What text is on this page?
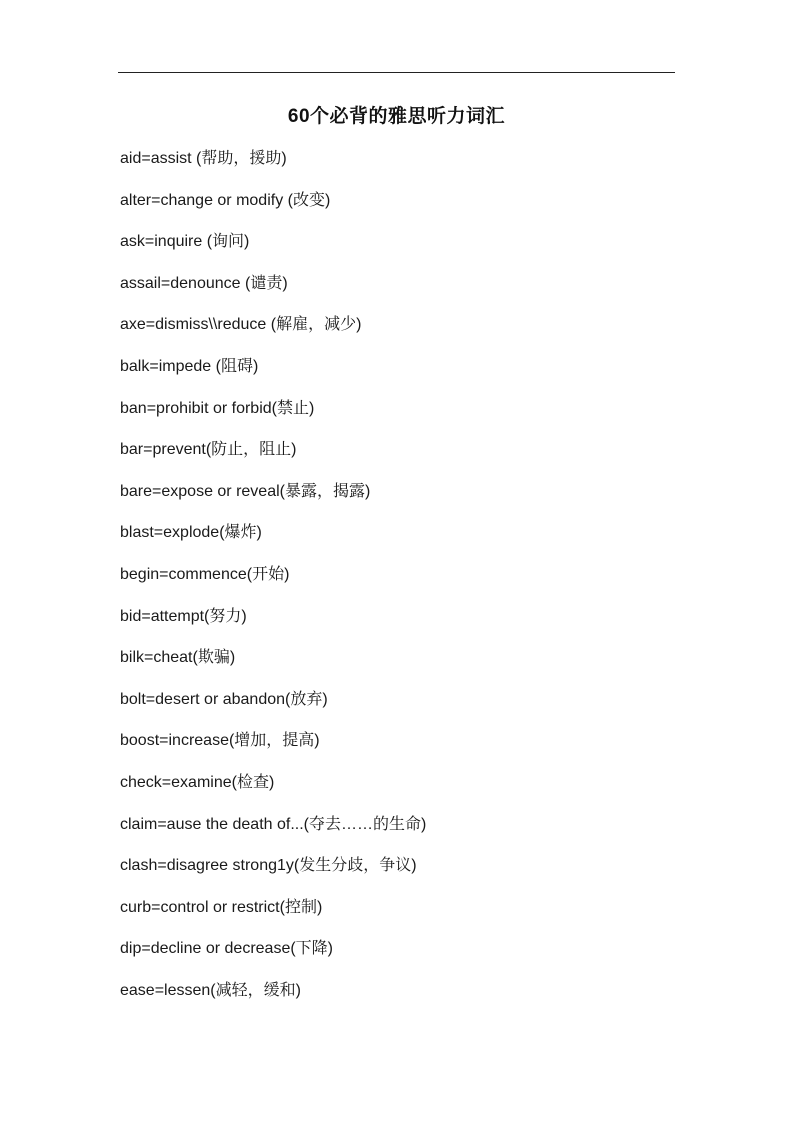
60个必背的雅思听力词汇
aid=assist (帮助，援助)
alter=change or modify (改变)
ask=inquire (询问)
assail=denounce (谴责)
axe=dismiss\\reduce (解雇，减少)
balk=impede (阻碍)
ban=prohibit or forbid(禁止)
bar=prevent(防止，阻止)
bare=expose or reveal(暴露，揭露)
blast=explode(爆炸)
begin=commence(开始)
bid=attempt(努力)
bilk=cheat(欺骗)
bolt=desert or abandon(放弃)
boost=increase(增加，提高)
check=examine(检查)
claim=ause the death of...(夺去……的生命)
clash=disagree strong1y(发生分歧，争议)
curb=control or restrict(控制)
dip=decline or decrease(下降)
ease=lessen(减轻，缓和)
